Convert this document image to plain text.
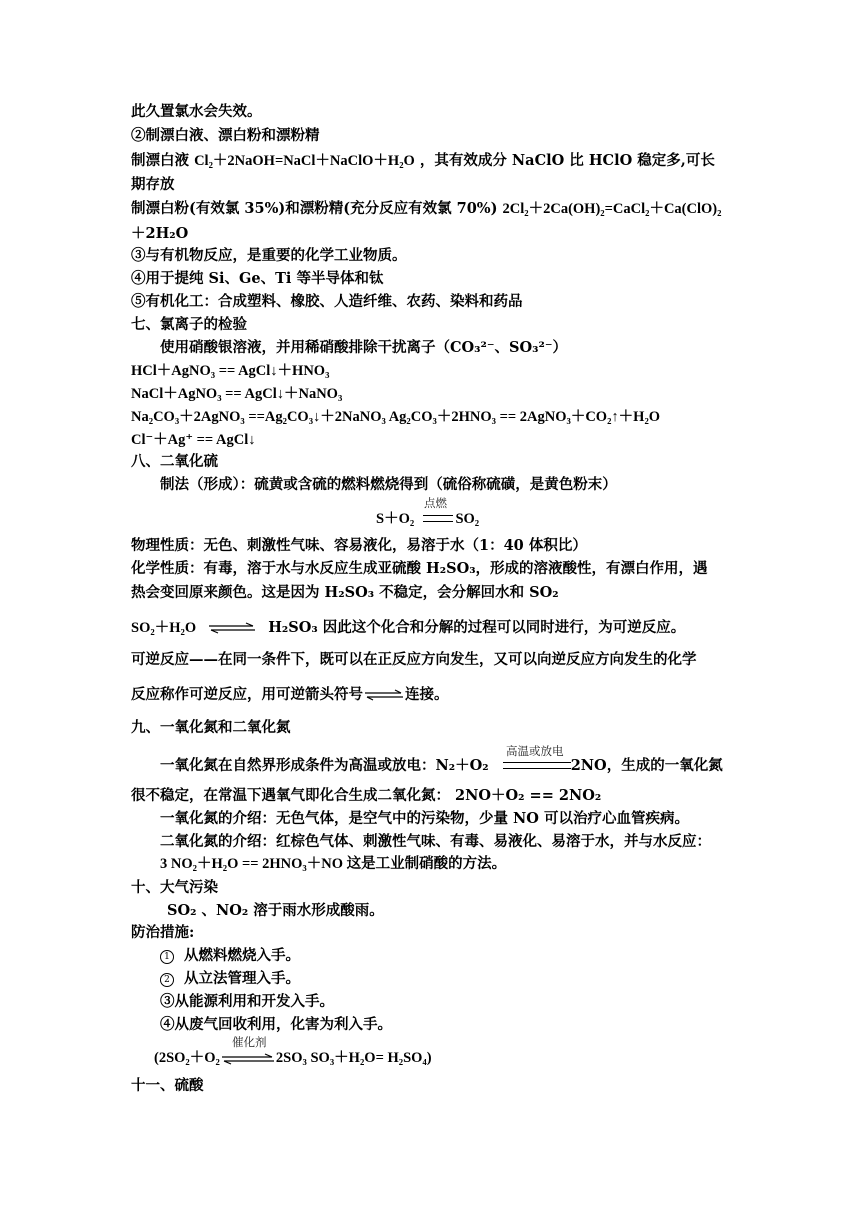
此久置氯水会失效。
②制漂白液、漂白粉和漂粉精
制漂白液 Cl₂＋2NaOH=NaCl＋NaClO＋H₂O ，其有效成分 NaClO 比 HClO 稳定多,可长
期存放
制漂白粉(有效氯 35%)和漂粉精(充分反应有效氯 70%) 2Cl₂＋2Ca(OH)₂=CaCl₂＋Ca(ClO)₂
＋2H₂O
③与有机物反应，是重要的化学工业物质。
④用于提纯 Si、Ge、Ti 等半导体和钛
⑤有机化工：合成塑料、橡胶、人造纤维、农药、染料和药品
七、氯离子的检验
使用硝酸银溶液，并用稀硝酸排除干扰离子（CO₃²⁻、SO₃²⁻）
HCl＋AgNO₃ == AgCl↓＋HNO₃
NaCl＋AgNO₃ == AgCl↓＋NaNO₃
Na₂CO₃＋2AgNO₃ ==Ag₂CO₃↓＋2NaNO₃ Ag₂CO₃＋2HNO₃ == 2AgNO₃＋CO₂↑＋H₂O
Cl⁻＋Ag⁺ == AgCl↓
八、二氧化硫
制法（形成）：硫黄或含硫的燃料燃烧得到（硫俗称硫磺，是黄色粉末）
点燃
S＋O₂	SO₂
物理性质：无色、刺激性气味、容易液化，易溶于水（1：40 体积比）
化学性质：有毒，溶于水与水反应生成亚硫酸 H₂SO₃，形成的溶液酸性，有漂白作用，遇
热会变回原来颜色。这是因为 H₂SO₃ 不稳定，会分解回水和 SO₂
SO₂＋H₂O ⇌ H₂SO₃ 因此这个化合和分解的过程可以同时进行，为可逆反应。
可逆反应——在同一条件下，既可以在正反应方向发生，又可以向逆反应方向发生的化学
反应称作可逆反应，用可逆箭头符号⇌连接。
九、一氧化氮和二氧化氮
高温或放电
一氧化氮在自然界形成条件为高温或放电：N₂＋O₂	2NO，生成的一氧化氮
很不稳定，在常温下遇氧气即化合生成二氧化氮： 2NO＋O₂ == 2NO₂
一氧化氮的介绍：无色气体，是空气中的污染物，少量 NO 可以治疗心血管疾病。
二氧化氮的介绍：红棕色气体、刺激性气味、有毒、易液化、易溶于水，并与水反应：
3 NO₂＋H₂O == 2HNO₃＋NO 这是工业制硝酸的方法。
十、大气污染
SO₂ 、NO₂ 溶于雨水形成酸雨。
防治措施:
1 从燃料燃烧入手。
2 从立法管理入手。
③从能源利用和开发入手。
④从废气回收利用，化害为利入手。
催化剂
(2SO₂＋O₂⇌2SO₃ SO₃＋H₂O= H₂SO₄)
十一、硫酸
